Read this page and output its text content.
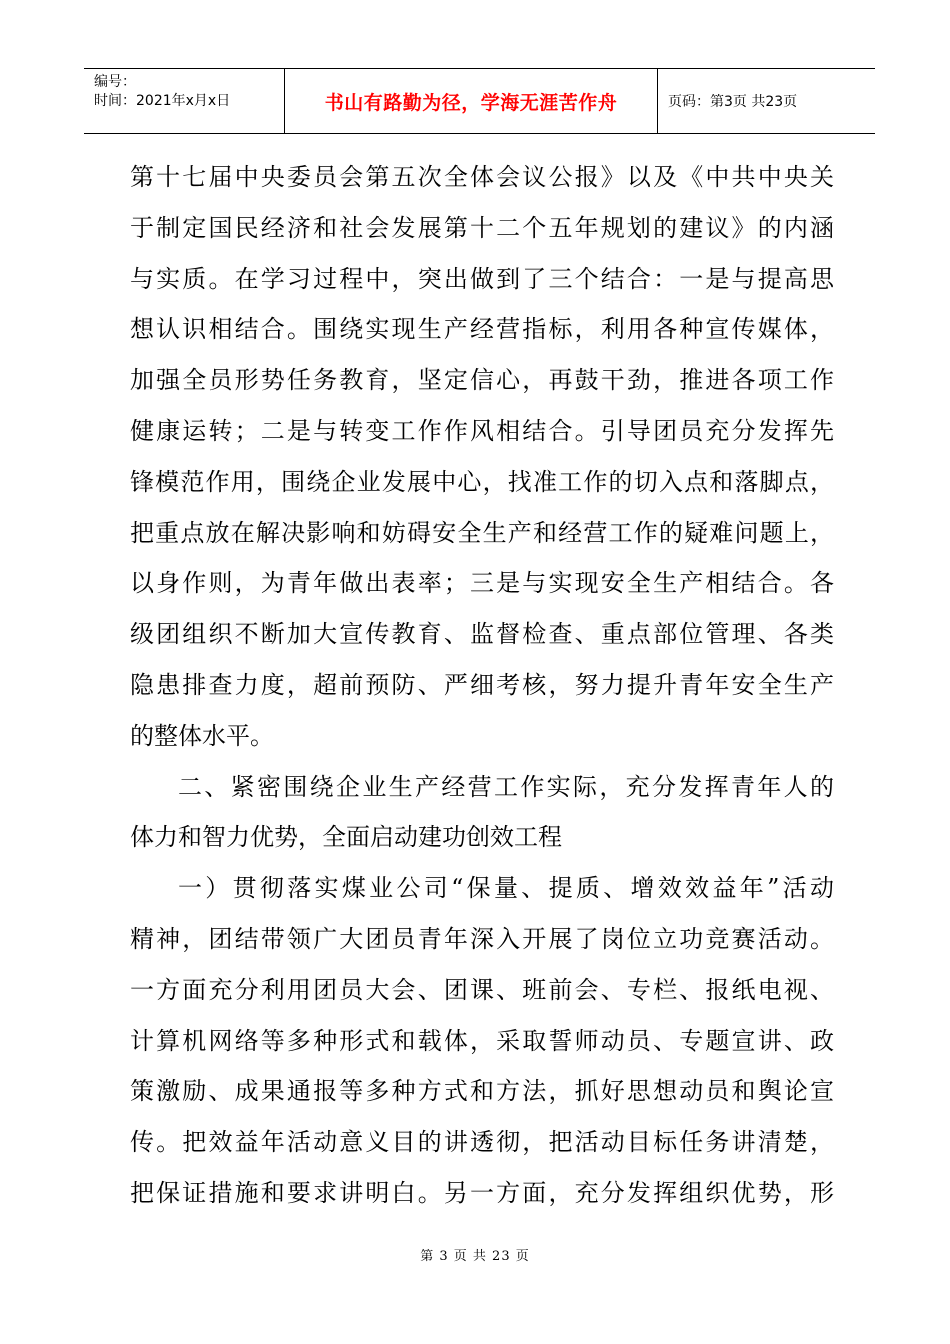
编号：
时间：2021年x月x日	书山有路勤为径，学海无涯苦作舟	页码：第3页 共23页
第十七届中央委员会第五次全体会议公报》以及《中共中央关
于制定国民经济和社会发展第十二个五年规划的建议》的内涵
与实质。在学习过程中，突出做到了三个结合：一是与提高思
想认识相结合。围绕实现生产经营指标，利用各种宣传媒体，
加强全员形势任务教育，坚定信心，再鼓干劲，推进各项工作
健康运转；二是与转变工作作风相结合。引导团员充分发挥先
锋模范作用，围绕企业发展中心，找准工作的切入点和落脚点，
把重点放在解决影响和妨碍安全生产和经营工作的疑难问题上，
以身作则，为青年做出表率；三是与实现安全生产相结合。各
级团组织不断加大宣传教育、监督检查、重点部位管理、各类
隐患排查力度，超前预防、严细考核，努力提升青年安全生产
的整体水平。
二、紧密围绕企业生产经营工作实际，充分发挥青年人的
体力和智力优势，全面启动建功创效工程
一）贯彻落实煤业公司“保量、提质、增效效益年”活动
精神，团结带领广大团员青年深入开展了岗位立功竞赛活动。
一方面充分利用团员大会、团课、班前会、专栏、报纸电视、
计算机网络等多种形式和载体，采取誓师动员、专题宣讲、政
策激励、成果通报等多种方式和方法，抓好思想动员和舆论宣
传。把效益年活动意义目的讲透彻，把活动目标任务讲清楚，
把保证措施和要求讲明白。另一方面，充分发挥组织优势，形
第 3 页 共 23 页
